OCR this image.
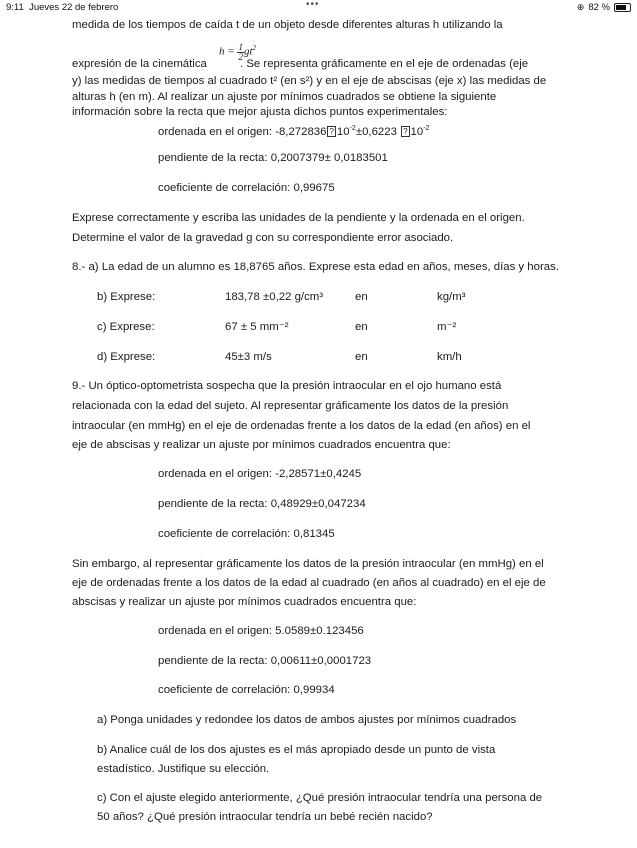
9:11 Jueves 22 de febrero	•••	⊕ 82 %
medida de los tiempos de caída t de un objeto desde diferentes alturas h utilizando la
expresión de la cinemática
$h = \frac{1}{2}gt^2$
. Se representa gráficamente en el eje de ordenadas (eje
y) las medidas de tiempos al cuadrado t² (en s²) y en el eje de abscisas (eje x) las medidas de
alturas h (en m). Al realizar un ajuste por mínimos cuadrados se obtiene la siguiente
información sobre la recta que mejor ajusta dichos puntos experimentales:
ordenada en el origen: -8,272836 ? $10^{-2}\pm 0,6223$ ? $10^{-2}$
pendiente de la recta: 0,2007379± 0,0183501
coeficiente de correlación: 0,99675
Exprese correctamente y escriba las unidades de la pendiente y la ordenada en el origen.
Determine el valor de la gravedad g con su correspondiente error asociado.
8.- a) La edad de un alumno es 18,8765 años. Exprese esta edad en años, meses, días y horas.
b) Exprese:	183,78 ±0,22 g/cm³	en	kg/m³
c) Exprese:	67 ± 5 mm⁻²	en	m⁻²
d) Exprese:	45±3 m/s	en	km/h
9.- Un óptico-optometrista sospecha que la presión intraocular en el ojo humano está
relacionada con la edad del sujeto. Al representar gráficamente los datos de la presión
intraocular (en mmHg) en el eje de ordenadas frente a los datos de la edad (en años) en el
eje de abscisas y realizar un ajuste por mínimos cuadrados encuentra que:
ordenada en el origen: -2,28571±0,4245
pendiente de la recta: 0,48929±0,047234
coeficiente de correlación: 0,81345
Sin embargo, al representar gráficamente los datos de la presión intraocular (en mmHg) en el
eje de ordenadas frente a los datos de la edad al cuadrado (en años al cuadrado) en el eje de
abscisas y realizar un ajuste por mínimos cuadrados encuentra que:
ordenada en el origen: 5.0589±0.123456
pendiente de la recta: 0,00611±0,0001723
coeficiente de correlación: 0,99934
a) Ponga unidades y redondee los datos de ambos ajustes por mínimos cuadrados
b) Analice cuál de los dos ajustes es el más apropiado desde un punto de vista
estadístico. Justifique su elección.
c) Con el ajuste elegido anteriormente, ¿Qué presión intraocular tendría una persona de
50 años? ¿Qué presión intraocular tendría un bebé recién nacido?
